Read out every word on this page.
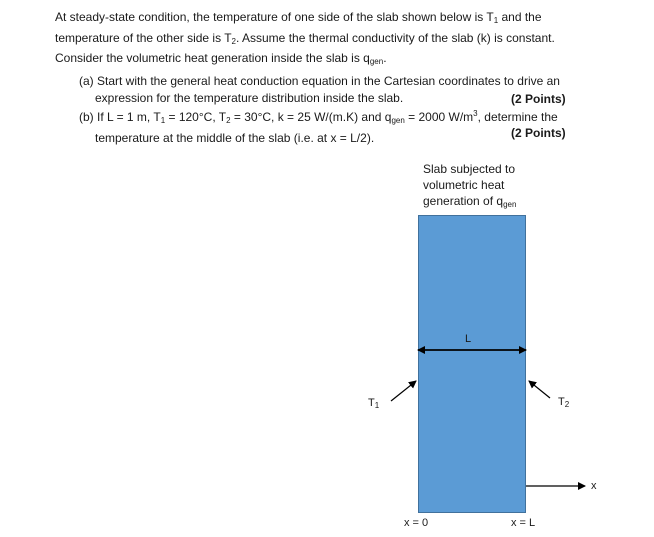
At steady-state condition, the temperature of one side of the slab shown below is $T_1$ and the
temperature of the other side is $T_2$. Assume the thermal conductivity of the slab (k) is constant.
Consider the volumetric heat generation inside the slab is $q_{gen}$.
(a) Start with the general heat conduction equation in the Cartesian coordinates to drive an
expression for the temperature distribution inside the slab.
(b) If L = 1 m, $T_1 = 120^\circ C$, $T_2 = 30^\circ C$, k = 25 W/(m.K) and $q_{gen} = 2000$ $W/m^3$, determine the
temperature at the middle of the slab (i.e. at x = L/2).
(2 Points)
(2 Points)
Slab subjected to
volumetric heat
generation of $q_{gen}$
L
$T_1$	$T_2$
x
x = 0	x = L
